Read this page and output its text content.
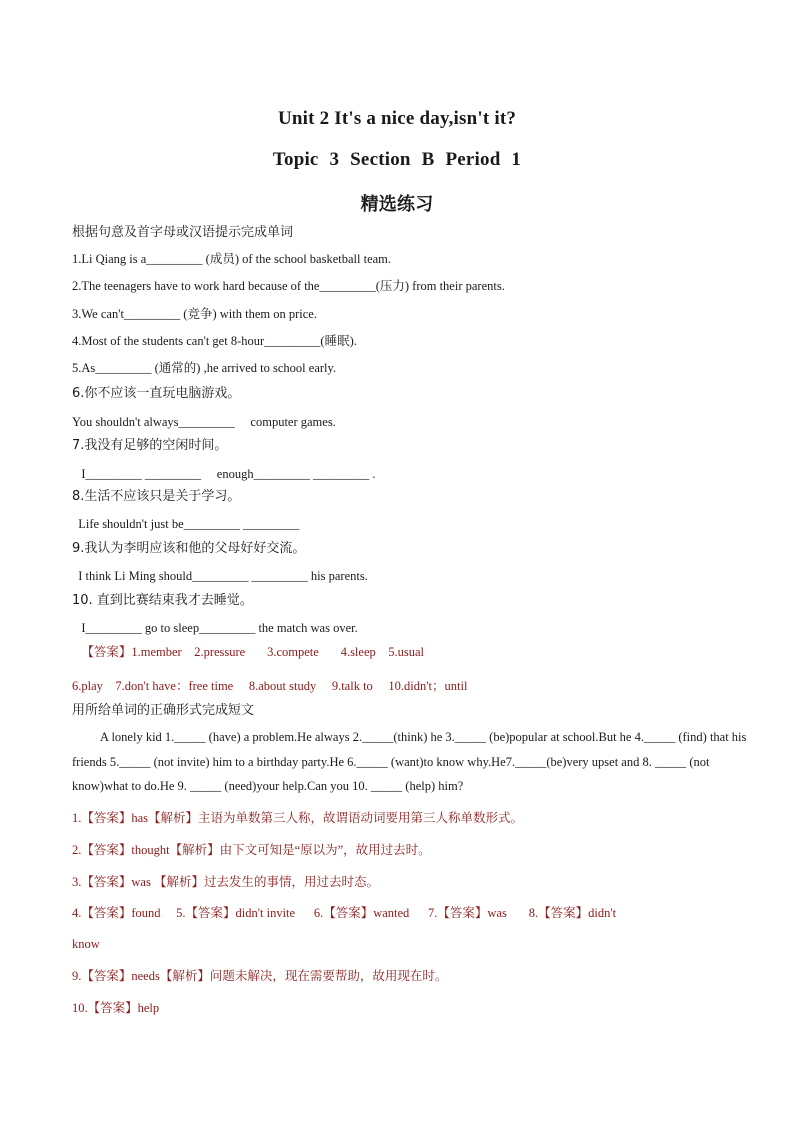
Unit 2 It's a nice day,isn't it?
Topic 3 Section B Period 1
精选练习
根据句意及首字母或汉语提示完成单词
1.Li Qiang is a_________ (成员) of the school basketball team.
2.The teenagers have to work hard because of the_________(压力) from their parents.
3.We can't_________ (竞争) with them on price.
4.Most of the students can't get 8-hour_________(睡眠).
5.As_________ (通常的) ,he arrived to school early.
6.你不应该一直玩电脑游戏。
You shouldn't always_________     computer games.
7.我没有足够的空闲时间。
I_________ _________     enough_________ _________ .
8.生活不应该只是关于学习。
Life shouldn't just be_________ _________
9.我认为李明应该和他的父母好好交流。
I think Li Ming should_________ _________ his parents.
10. 直到比赛结束我才去睡觉。
I_________ go to sleep_________ the match was over.
【答案】1.member    2.pressure       3.compete       4.sleep    5.usual
6.play    7.don't have：free time     8.about study     9.talk to     10.didn't；until
用所给单词的正确形式完成短文
A lonely kid 1._____ (have) a problem.He always 2._____(think) he 3._____ (be)popular at school.But he 4._____ (find) that his friends 5._____ (not invite) him to a birthday party.He 6._____ (want)to know why.He7._____(be)very upset and 8. _____ (not know)what to do.He 9. _____ (need)your help.Can you 10. _____ (help) him?
1.【答案】has【解析】主语为单数第三人称，故谓语动词要用第三人称单数形式。
2.【答案】thought【解析】由下文可知是“原以为”，故用过去时。
3.【答案】was 【解析】过去发生的事情，用过去时态。
4.【答案】found     5.【答案】didn't invite      6.【答案】wanted      7.【答案】was       8.【答案】didn't
know
9.【答案】needs【解析】问题未解决，现在需要帮助，故用现在时。
10.【答案】help
